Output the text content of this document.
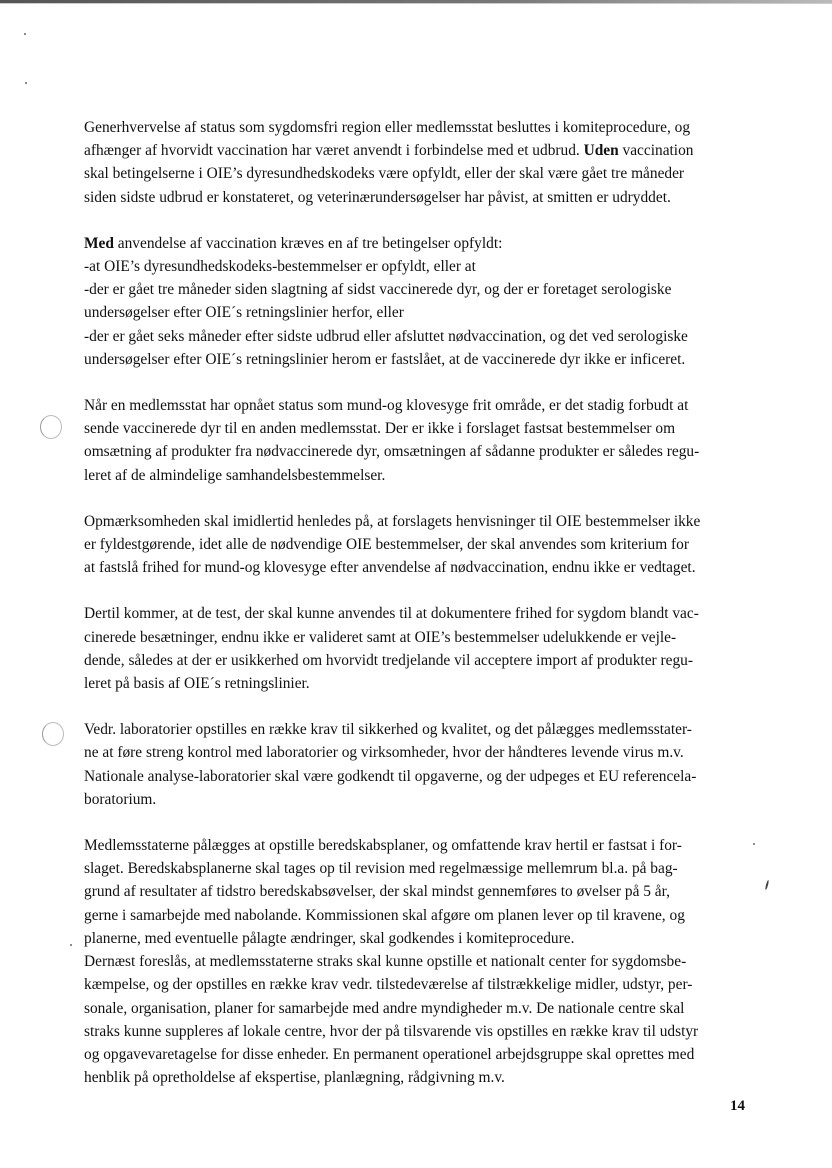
Generhvervelse af status som sygdomsfri region eller medlemsstat besluttes i komiteprocedure, og
afhænger af hvorvidt vaccination har været anvendt i forbindelse med et udbrud. Uden vaccination
skal betingelserne i OIE’s dyresundhedskodeks være opfyldt, eller der skal være gået tre måneder
siden sidste udbrud er konstateret, og veterinærundersøgelser har påvist, at smitten er udryddet.
Med anvendelse af vaccination kræves en af tre betingelser opfyldt:
-at OIE’s dyresundhedskodeks-bestemmelser er opfyldt, eller at
-der er gået tre måneder siden slagtning af sidst vaccinerede dyr, og der er foretaget serologiske
undersøgelser efter OIE´s retningslinier herfor, eller
-der er gået seks måneder efter sidste udbrud eller afsluttet nødvaccination, og det ved serologiske
undersøgelser efter OIE´s retningslinier herom er fastslået, at de vaccinerede dyr ikke er inficeret.
Når en medlemsstat har opnået status som mund-og klovesyge frit område, er det stadig forbudt at
sende vaccinerede dyr til en anden medlemsstat. Der er ikke i forslaget fastsat bestemmelser om
omsætning af produkter fra nødvaccinerede dyr, omsætningen af sådanne produkter er således regu-
leret af de almindelige samhandelsbestemmelser.
Opmærksomheden skal imidlertid henledes på, at forslagets henvisninger til OIE bestemmelser ikke
er fyldestgørende, idet alle de nødvendige OIE bestemmelser, der skal anvendes som kriterium for
at fastslå frihed for mund-og klovesyge efter anvendelse af nødvaccination, endnu ikke er vedtaget.
Dertil kommer, at de test, der skal kunne anvendes til at dokumentere frihed for sygdom blandt vac-
cinerede besætninger, endnu ikke er valideret samt at OIE’s bestemmelser udelukkende er vejle-
dende, således at der er usikkerhed om hvorvidt tredjelande vil acceptere import af produkter regu-
leret på basis af OIE´s retningslinier.
Vedr. laboratorier opstilles en række krav til sikkerhed og kvalitet, og det pålægges medlemsstater-
ne at føre streng kontrol med laboratorier og virksomheder, hvor der håndteres levende virus m.v.
Nationale analyse-laboratorier skal være godkendt til opgaverne, og der udpeges et EU referencela-
boratorium.
Medlemsstaterne pålægges at opstille beredskabsplaner, og omfattende krav hertil er fastsat i for-
slaget. Beredskabsplanerne skal tages op til revision med regelmæssige mellemrum bl.a. på bag-
grund af resultater af tidstro beredskabsøvelser, der skal mindst gennemføres to øvelser på 5 år,
gerne i samarbejde med nabolande. Kommissionen skal afgøre om planen lever op til kravene, og
planerne, med eventuelle pålagte ændringer, skal godkendes i komiteprocedure.
Dernæst foreslås, at medlemsstaterne straks skal kunne opstille et nationalt center for sygdomsbe-
kæmpelse, og der opstilles en række krav vedr. tilstedeværelse af tilstrækkelige midler, udstyr, per-
sonale, organisation, planer for samarbejde med andre myndigheder m.v. De nationale centre skal
straks kunne suppleres af lokale centre, hvor der på tilsvarende vis opstilles en række krav til udstyr
og opgavevaretagelse for disse enheder. En permanent operationel arbejdsgruppe skal oprettes med
henblik på opretholdelse af ekspertise, planlægning, rådgivning m.v.
14
